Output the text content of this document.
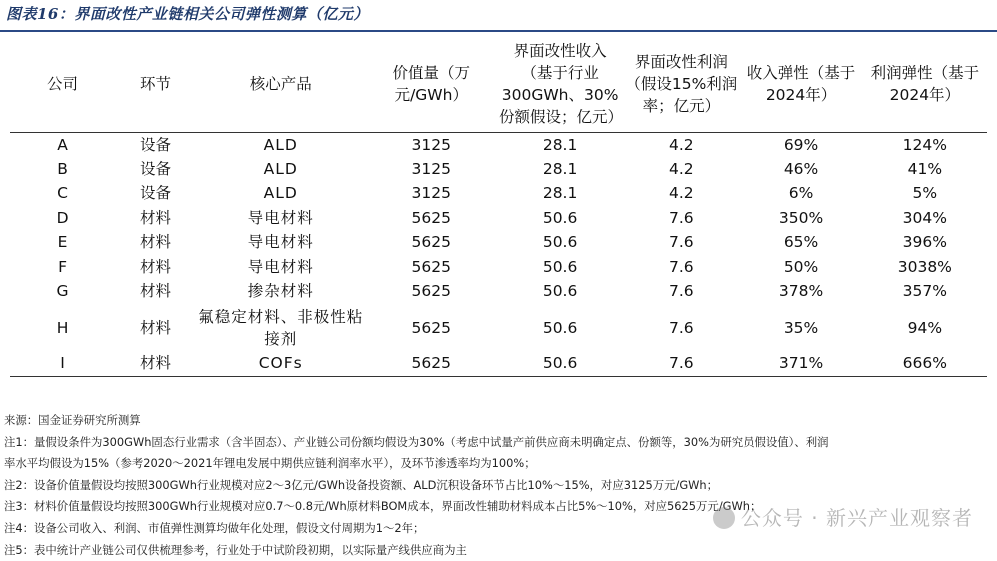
图表16：界面改性产业链相关公司弹性测算（亿元）
公司	环节	核心产品	价值量（万元/GWh）	界面改性收入（基于行业300GWh、30%份额假设；亿元）	界面改性利润（假设15%利润率；亿元）	收入弹性（基于2024年）	利润弹性（基于2024年）
A	设备	ALD	3125	28.1	4.2	69%	124%
B	设备	ALD	3125	28.1	4.2	46%	41%
C	设备	ALD	3125	28.1	4.2	6%	5%
D	材料	导电材料	5625	50.6	7.6	350%	304%
E	材料	导电材料	5625	50.6	7.6	65%	396%
F	材料	导电材料	5625	50.6	7.6	50%	3038%
G	材料	掺杂材料	5625	50.6	7.6	378%	357%
H	材料	氟稳定材料、非极性粘接剂	5625	50.6	7.6	35%	94%
I	材料	COFs	5625	50.6	7.6	371%	666%
来源：国金证券研究所测算
注1：量假设条件为300GWh固态行业需求（含半固态）、产业链公司份额均假设为30%（考虑中试量产前供应商未明确定点、份额等，30%为研究员假设值）、利润
率水平均假设为15%（参考2020～2021年锂电发展中期供应链利润率水平），及环节渗透率均为100%；
注2：设备价值量假设均按照300GWh行业规模对应2～3亿元/GWh设备投资额、ALD沉积设备环节占比10%～15%，对应3125万元/GWh；
注3：材料价值量假设均按照300GWh行业规模对应0.7～0.8元/Wh原材料BOM成本，界面改性辅助材料成本占比5%～10%，对应5625万元/GWh；
注4：设备公司收入、利润、市值弹性测算均做年化处理，假设文付周期为1～2年；
注5：表中统计产业链公司仅供梳理参考，行业处于中试阶段初期，以实际量产线供应商为主
公众号 · 新兴产业观察者
